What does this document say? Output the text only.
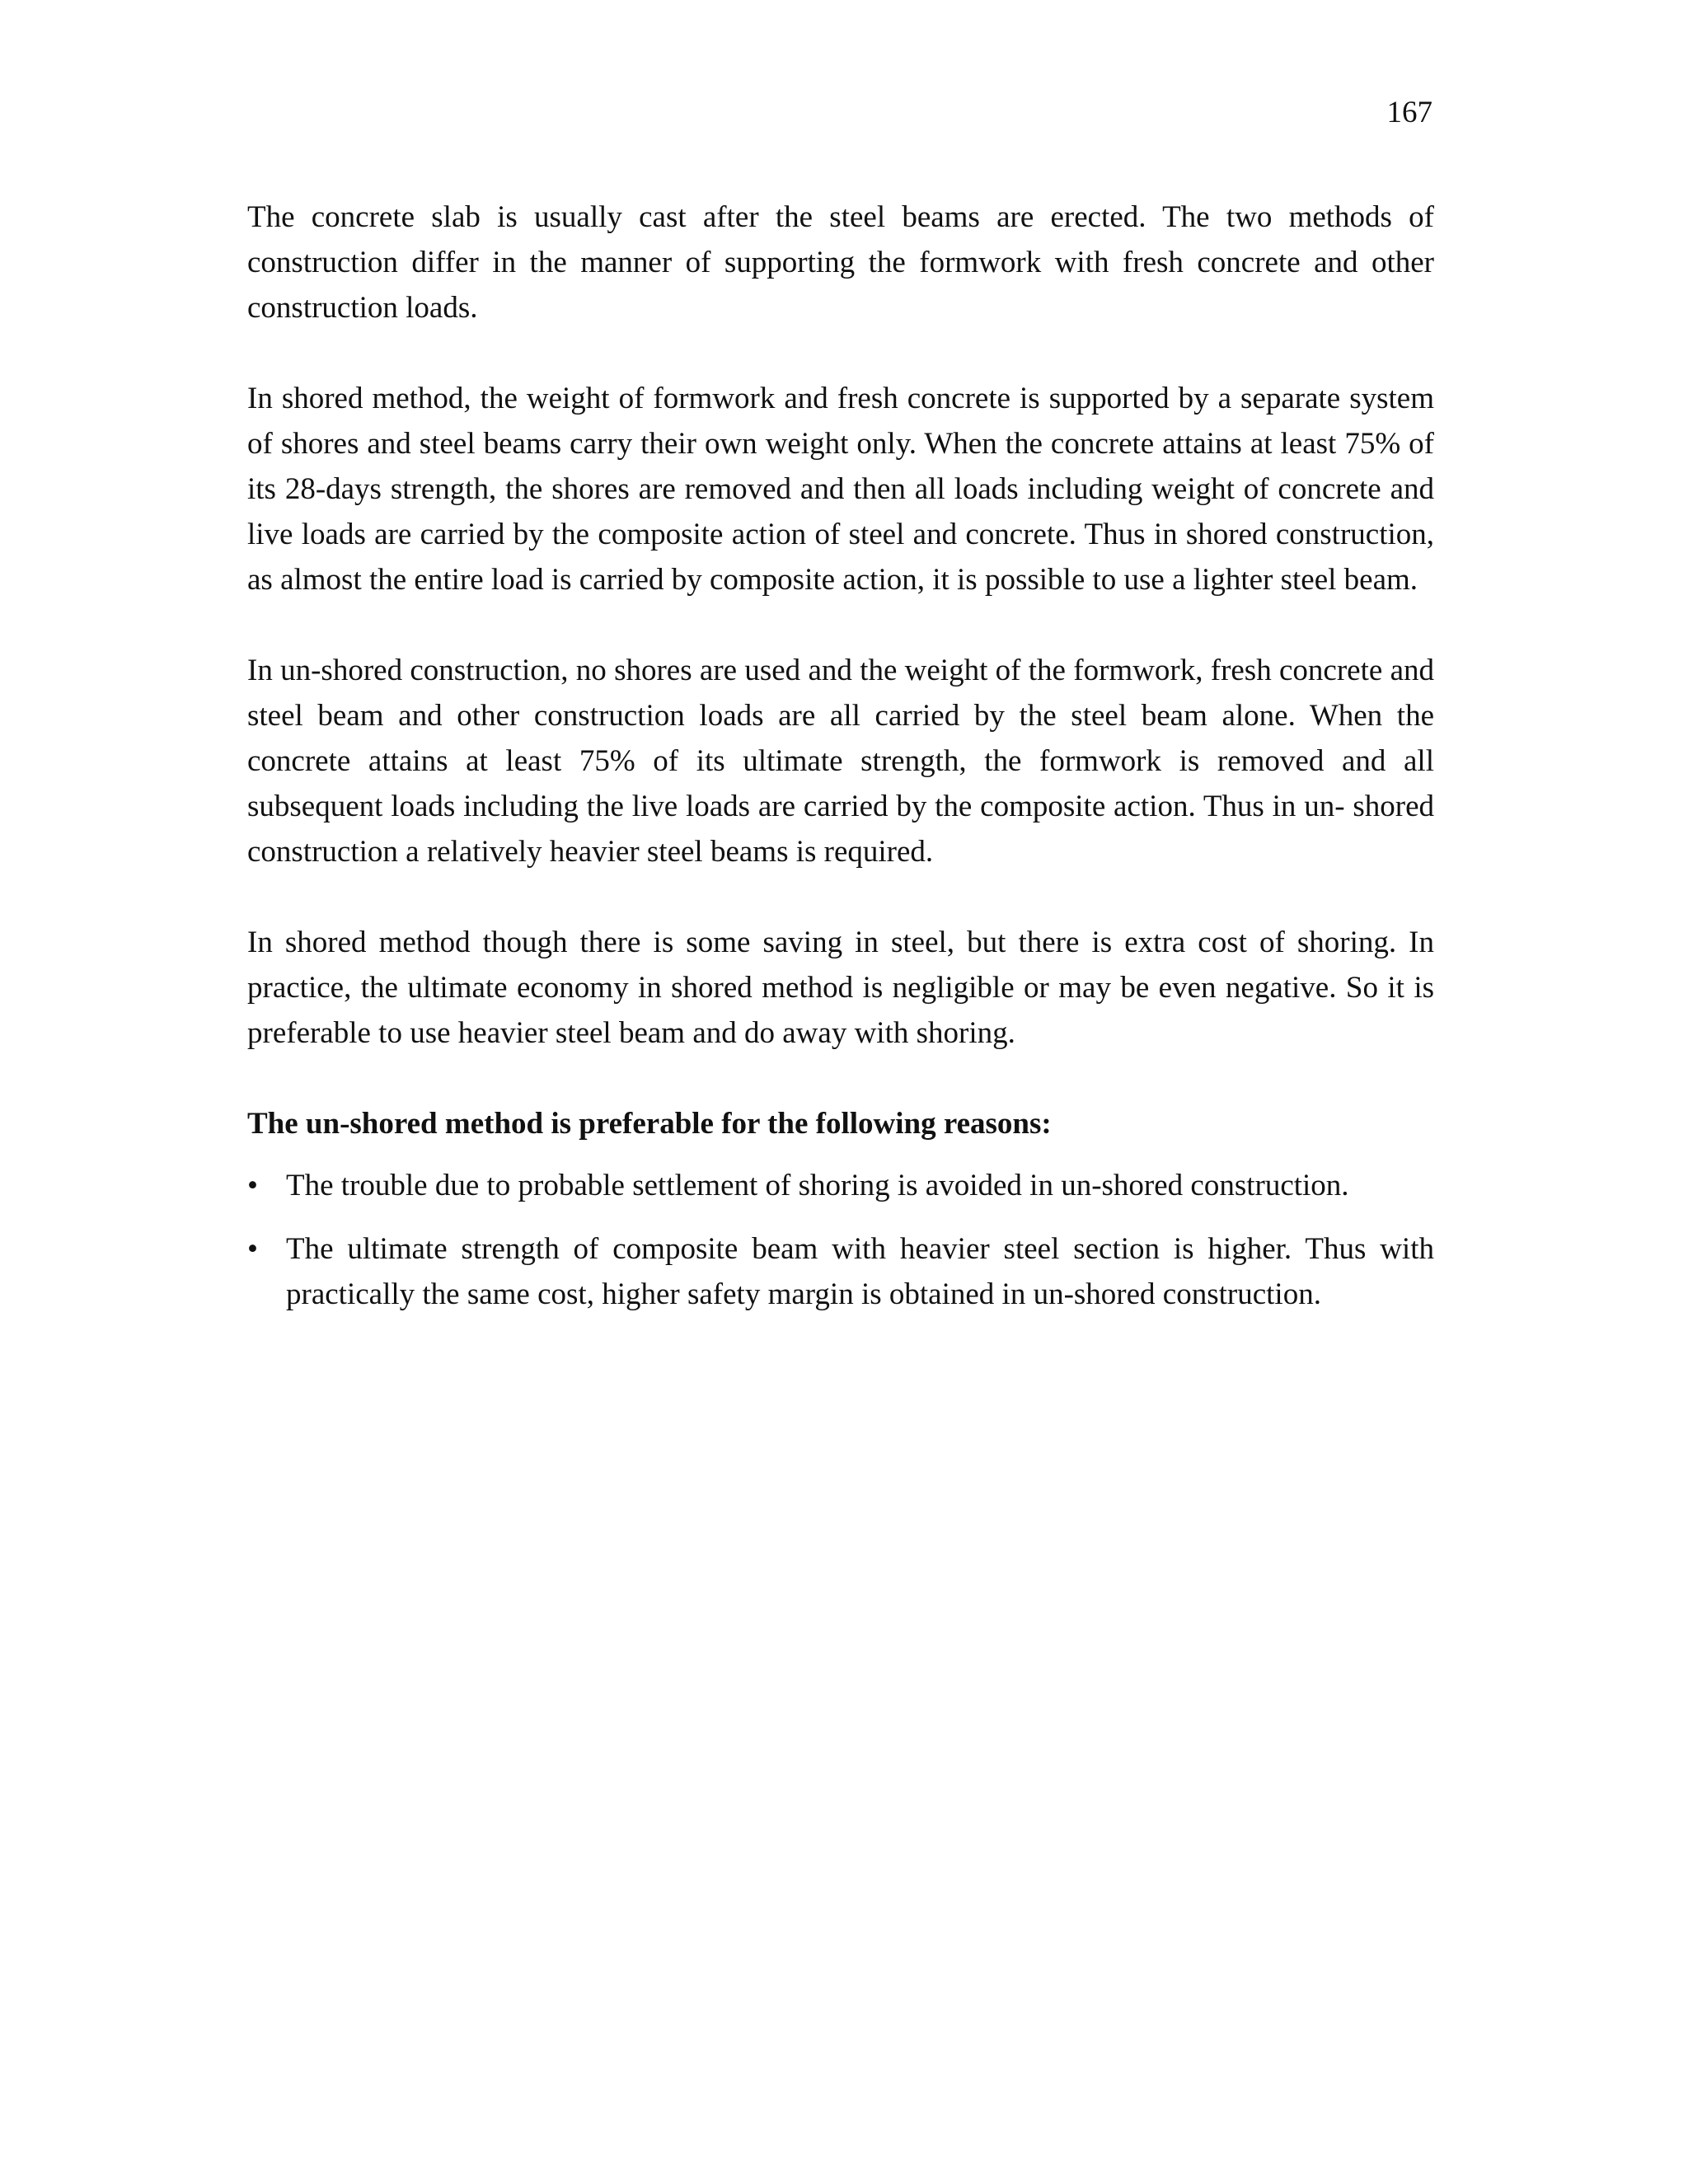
167

The concrete slab is usually cast after the steel beams are erected. The two methods of construction differ in the manner of supporting the formwork with fresh concrete and other construction loads.

In shored method, the weight of formwork and fresh concrete is supported by a separate system of shores and steel beams carry their own weight only. When the concrete attains at least 75% of its 28-days strength, the shores are removed and then all loads including weight of concrete and live loads are carried by the composite action of steel and concrete. Thus in shored construction, as almost the entire load is carried by composite action, it is possible to use a lighter steel beam.

In un-shored construction, no shores are used and the weight of the formwork, fresh concrete and steel beam and other construction loads are all carried by the steel beam alone. When the concrete attains at least 75% of its ultimate strength, the formwork is removed and all subsequent loads including the live loads are carried by the composite action. Thus in un- shored construction a relatively heavier steel beams is required.

In shored method though there is some saving in steel, but there is extra cost of shoring. In practice, the ultimate economy in shored method is negligible or may be even negative. So it is preferable to use heavier steel beam and do away with shoring.

The un-shored method is preferable for the following reasons:

• The trouble due to probable settlement of shoring is avoided in un-shored construction.
• The ultimate strength of composite beam with heavier steel section is higher. Thus with practically the same cost, higher safety margin is obtained in un-shored construction.
